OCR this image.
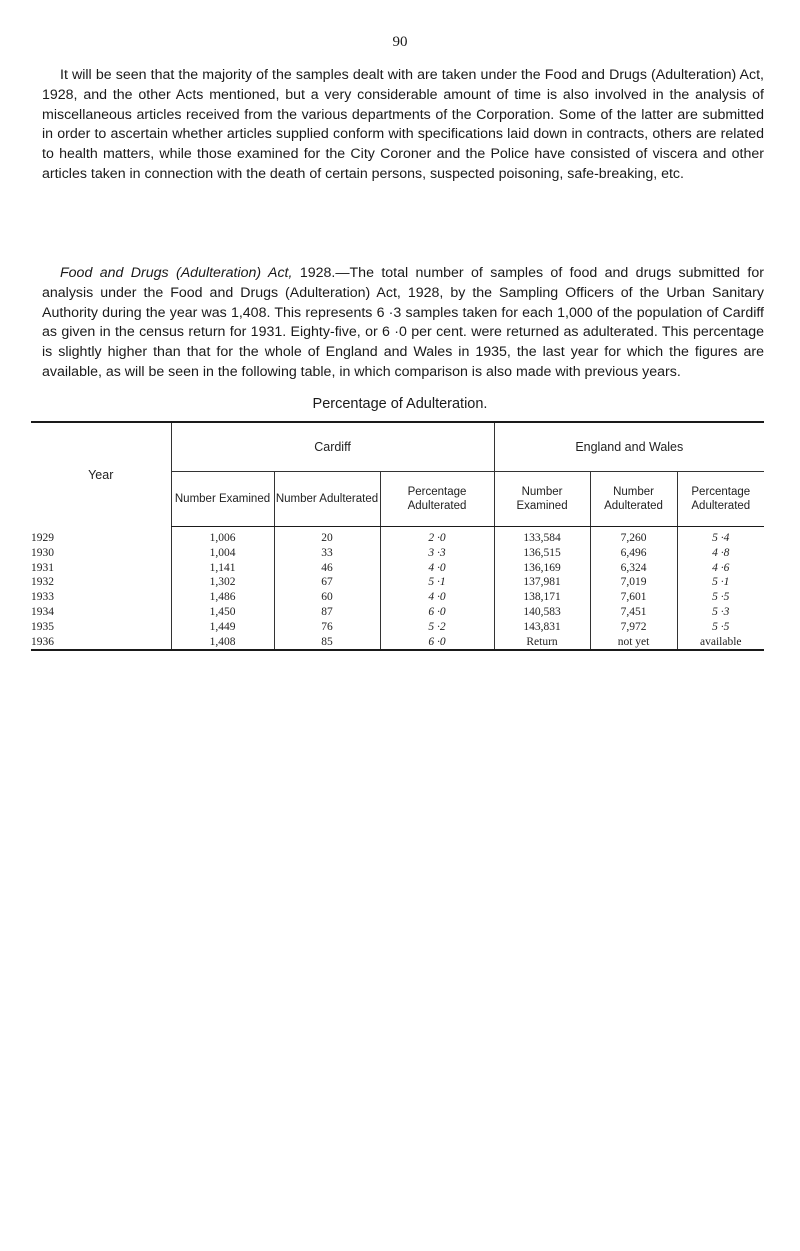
90

It will be seen that the majority of the samples dealt with are taken under the Food and Drugs (Adulteration) Act, 1928, and the other Acts mentioned, but a very considerable amount of time is also involved in the analysis of miscellaneous articles received from the various departments of the Corporation. Some of the latter are submitted in order to ascertain whether articles supplied conform with specifications laid down in contracts, others are related to health matters, while those examined for the City Coroner and the Police have consisted of viscera and other articles taken in connection with the death of certain persons, suspected poisoning, safe-breaking, etc.

Food and Drugs (Adulteration) Act, 1928.—The total number of samples of food and drugs submitted for analysis under the Food and Drugs (Adulteration) Act, 1928, by the Sampling Officers of the Urban Sanitary Authority during the year was 1,408. This represents 6 ·3 samples taken for each 1,000 of the population of Cardiff as given in the census return for 1931. Eighty-five, or 6 ·0 per cent. were returned as adulterated. This percentage is slightly higher than that for the whole of England and Wales in 1935, the last year for which the figures are available, as will be seen in the following table, in which comparison is also made with previous years.

Percentage of Adulteration.
Year	Cardiff			England and Wales		
	Number Examined	Number Adulterated	Percentage Adulterated	Number Examined	Number Adulterated	Percentage Adulterated
1929	1,006	20	2 ·0	133,584	7,260	5 ·4
1930	1,004	33	3 ·3	136,515	6,496	4 ·8
1931	1,141	46	4 ·0	136,169	6,324	4 ·6
1932	1,302	67	5 ·1	137,981	7,019	5 ·1
1933	1,486	60	4 ·0	138,171	7,601	5 ·5
1934	1,450	87	6 ·0	140,583	7,451	5 ·3
1935	1,449	76	5 ·2	143,831	7,972	5 ·5
1936	1,408	85	6 ·0	Return	not yet	available
